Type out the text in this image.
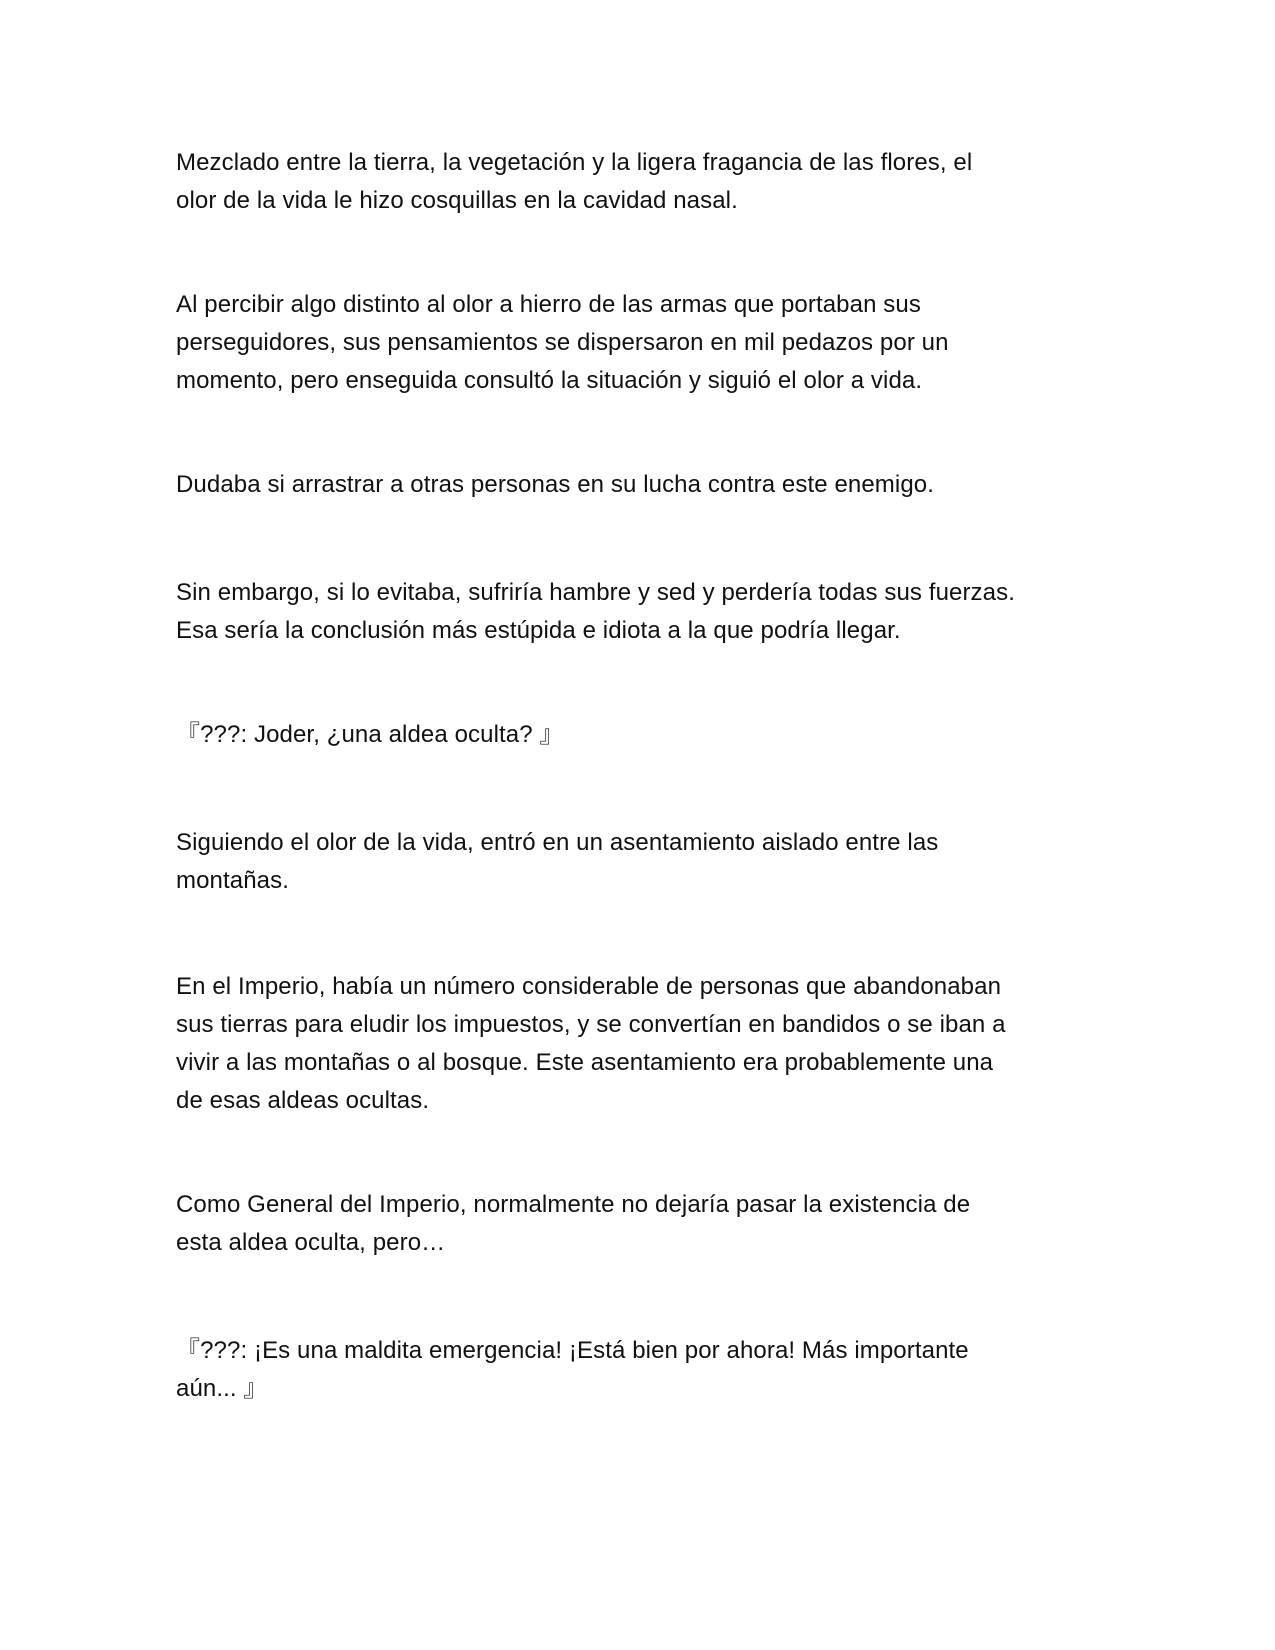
Mezclado entre la tierra, la vegetación y la ligera fragancia de las flores, el
olor de la vida le hizo cosquillas en la cavidad nasal.

Al percibir algo distinto al olor a hierro de las armas que portaban sus
perseguidores, sus pensamientos se dispersaron en mil pedazos por un
momento, pero enseguida consultó la situación y siguió el olor a vida.

Dudaba si arrastrar a otras personas en su lucha contra este enemigo.

Sin embargo, si lo evitaba, sufriría hambre y sed y perdería todas sus fuerzas.
Esa sería la conclusión más estúpida e idiota a la que podría llegar.

『???: Joder, ¿una aldea oculta? 』

Siguiendo el olor de la vida, entró en un asentamiento aislado entre las
montañas.

En el Imperio, había un número considerable de personas que abandonaban
sus tierras para eludir los impuestos, y se convertían en bandidos o se iban a
vivir a las montañas o al bosque. Este asentamiento era probablemente una
de esas aldeas ocultas.

Como General del Imperio, normalmente no dejaría pasar la existencia de
esta aldea oculta, pero…

『???: ¡Es una maldita emergencia! ¡Está bien por ahora! Más importante
aún... 』
